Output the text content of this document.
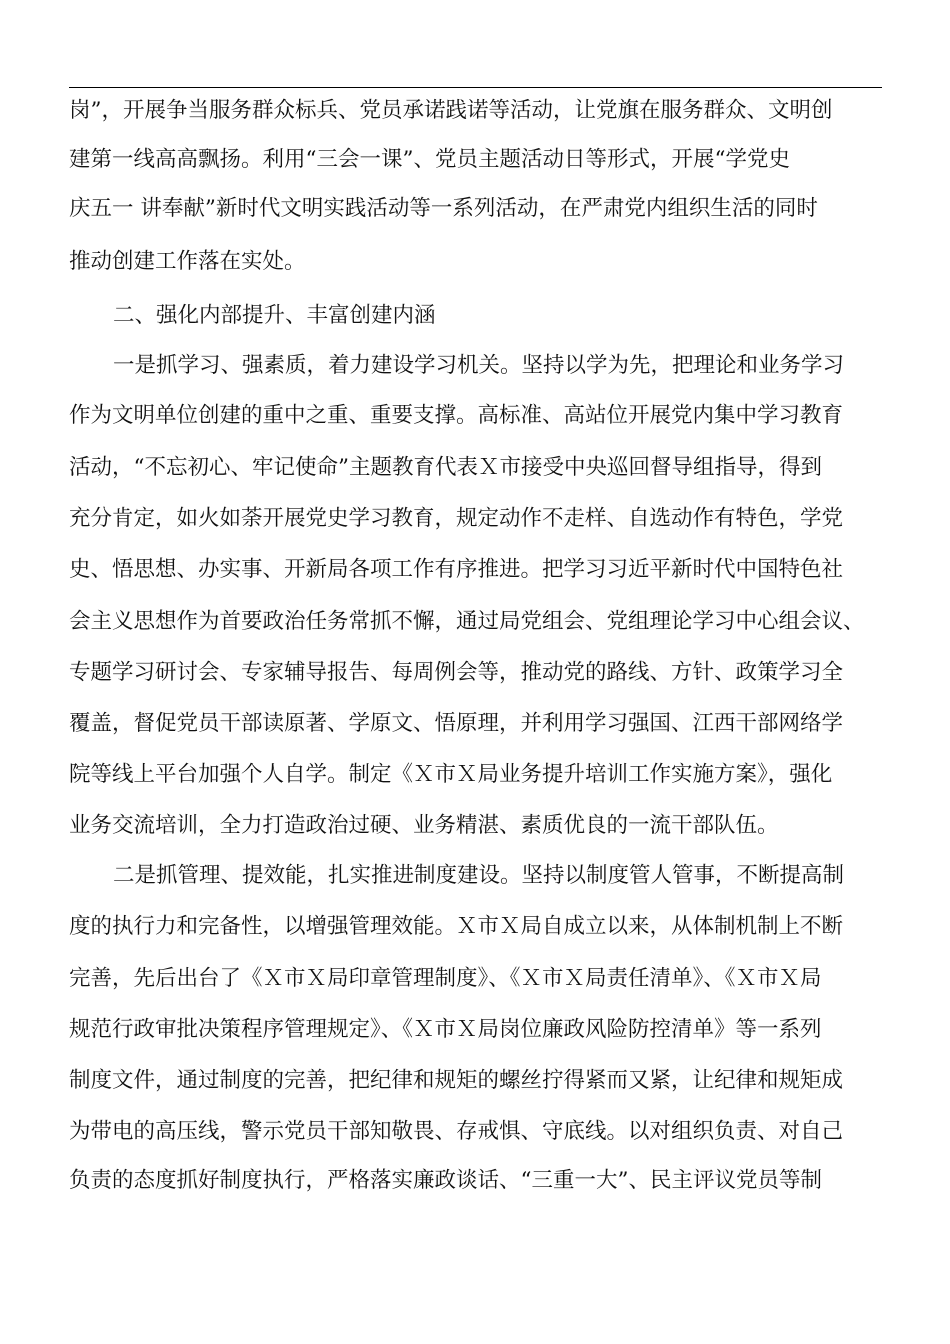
岗”，开展争当服务群众标兵、党员承诺践诺等活动，让党旗在服务群众、文明创
建第一线高高飘扬。利用“三会一课”、党员主题活动日等形式，开展“学党史
庆五一 讲奉献”新时代文明实践活动等一系列活动，在严肃党内组织生活的同时
推动创建工作落在实处。
二、强化内部提升、丰富创建内涵
一是抓学习、强素质，着力建设学习机关。坚持以学为先，把理论和业务学习
作为文明单位创建的重中之重、重要支撑。高标准、高站位开展党内集中学习教育
活动，“不忘初心、牢记使命”主题教育代表Ｘ市接受中央巡回督导组指导，得到
充分肯定，如火如荼开展党史学习教育，规定动作不走样、自选动作有特色，学党
史、悟思想、办实事、开新局各项工作有序推进。把学习习近平新时代中国特色社
会主义思想作为首要政治任务常抓不懈，通过局党组会、党组理论学习中心组会议、
专题学习研讨会、专家辅导报告、每周例会等，推动党的路线、方针、政策学习全
覆盖，督促党员干部读原著、学原文、悟原理，并利用学习强国、江西干部网络学
院等线上平台加强个人自学。制定《Ｘ市Ｘ局业务提升培训工作实施方案》，强化
业务交流培训，全力打造政治过硬、业务精湛、素质优良的一流干部队伍。
二是抓管理、提效能，扎实推进制度建设。坚持以制度管人管事，不断提高制
度的执行力和完备性，以增强管理效能。Ｘ市Ｘ局自成立以来，从体制机制上不断
完善，先后出台了《Ｘ市Ｘ局印章管理制度》、《Ｘ市Ｘ局责任清单》、《Ｘ市Ｘ局
规范行政审批决策程序管理规定》、《Ｘ市Ｘ局岗位廉政风险防控清单》等一系列
制度文件，通过制度的完善，把纪律和规矩的螺丝拧得紧而又紧，让纪律和规矩成
为带电的高压线，警示党员干部知敬畏、存戒惧、守底线。以对组织负责、对自己
负责的态度抓好制度执行，严格落实廉政谈话、“三重一大”、民主评议党员等制
